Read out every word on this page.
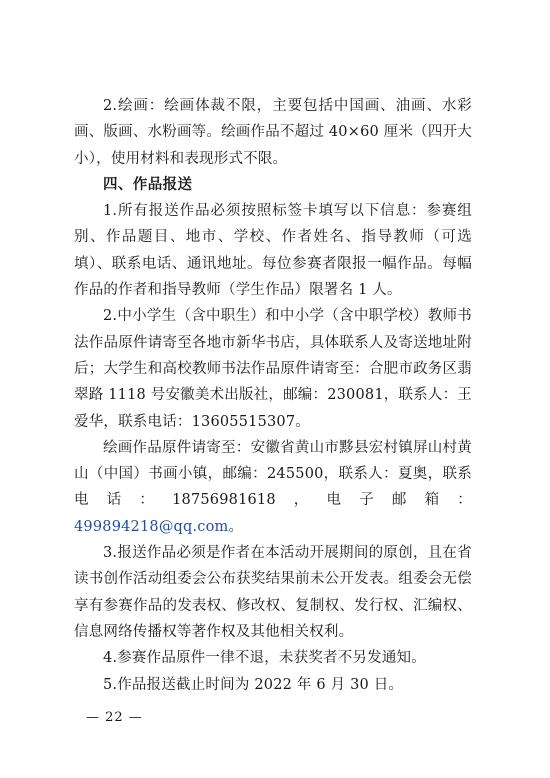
2.绘画：绘画体裁不限，主要包括中国画、油画、水彩画、版画、水粉画等。绘画作品不超过 40×60 厘米（四开大小），使用材料和表现形式不限。

四、作品报送

1.所有报送作品必须按照标签卡填写以下信息：参赛组别、作品题目、地市、学校、作者姓名、指导教师（可选填）、联系电话、通讯地址。每位参赛者限报一幅作品。每幅作品的作者和指导教师（学生作品）限署名 1 人。

2.中小学生（含中职生）和中小学（含中职学校）教师书法作品原件请寄至各地市新华书店，具体联系人及寄送地址附后；大学生和高校教师书法作品原件请寄至：合肥市政务区翡翠路 1118 号安徽美术出版社，邮编：230081，联系人：王爱华，联系电话：13605515307。

绘画作品原件请寄至：安徽省黄山市黟县宏村镇屏山村黄山（中国）书画小镇，邮编：245500，联系人：夏奥，联系电话：18756981618，电子邮箱：499894218@qq.com。

3.报送作品必须是作者在本活动开展期间的原创，且在省读书创作活动组委会公布获奖结果前未公开发表。组委会无偿享有参赛作品的发表权、修改权、复制权、发行权、汇编权、信息网络传播权等著作权及其他相关权利。

4.参赛作品原件一律不退，未获奖者不另发通知。

5.作品报送截止时间为 2022 年 6 月 30 日。

— 22 —
